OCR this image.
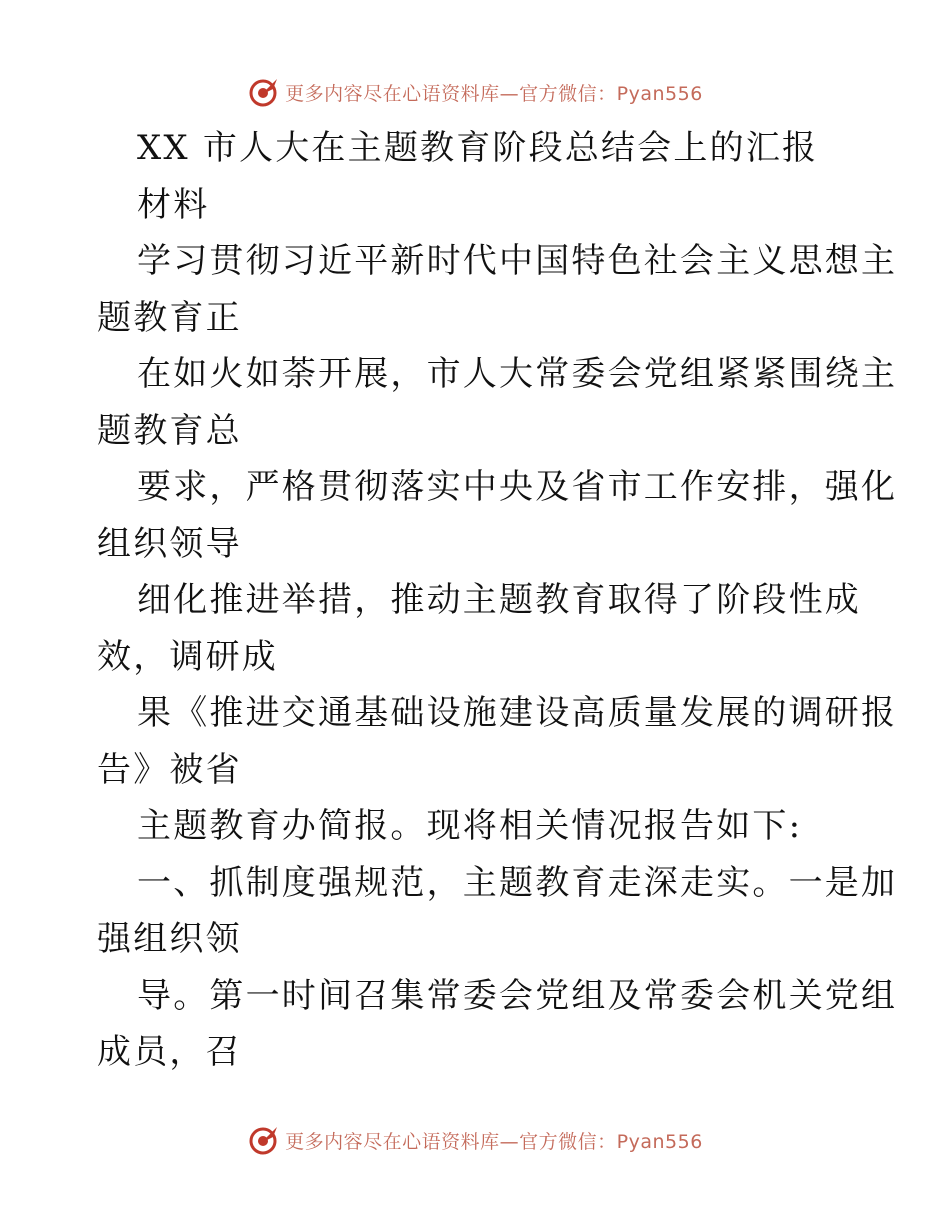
更多内容尽在心语资料库—官方微信：Pyan556
XX 市人大在主题教育阶段总结会上的汇报
材料
学习贯彻习近平新时代中国特色社会主义思想主
题教育正
在如火如荼开展，市人大常委会党组紧紧围绕主
题教育总
要求，严格贯彻落实中央及省市工作安排，强化
组织领导
细化推进举措，推动主题教育取得了阶段性成
效，调研成
果《推进交通基础设施建设高质量发展的调研报
告》被省
主题教育办简报。现将相关情况报告如下:
一、抓制度强规范，主题教育走深走实。一是加
强组织领
导。第一时间召集常委会党组及常委会机关党组
成员，召
更多内容尽在心语资料库—官方微信：Pyan556
